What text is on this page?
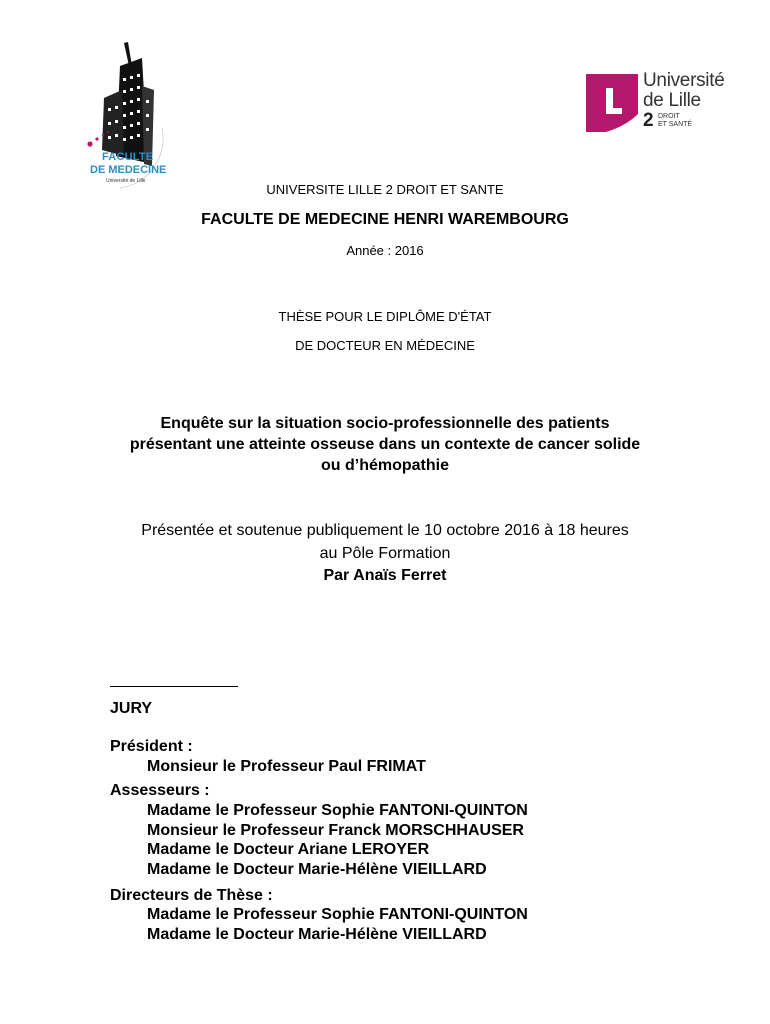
FACULTE
DE MEDECINE
Université de Lille
Université
de Lille
2 DROIT
ET SANTÉ
UNIVERSITE LILLE 2 DROIT ET SANTE
FACULTE DE MEDECINE HENRI WAREMBOURG
Année : 2016
THÈSE POUR LE DIPLÔME D'ÉTAT
DE DOCTEUR EN MÉDECINE
Enquête sur la situation socio-professionnelle des patients
présentant une atteinte osseuse dans un contexte de cancer solide
ou d’hémopathie
Présentée et soutenue publiquement le 10 octobre 2016 à 18 heures
au Pôle Formation
Par Anaïs Ferret
JURY
Président :
Monsieur le Professeur Paul FRIMAT
Assesseurs :
Madame le Professeur Sophie FANTONI-QUINTON
Monsieur le Professeur Franck MORSCHHAUSER
Madame le Docteur Ariane LEROYER
Madame le Docteur Marie-Hélène VIEILLARD
Directeurs de Thèse :
Madame le Professeur Sophie FANTONI-QUINTON
Madame le Docteur Marie-Hélène VIEILLARD
